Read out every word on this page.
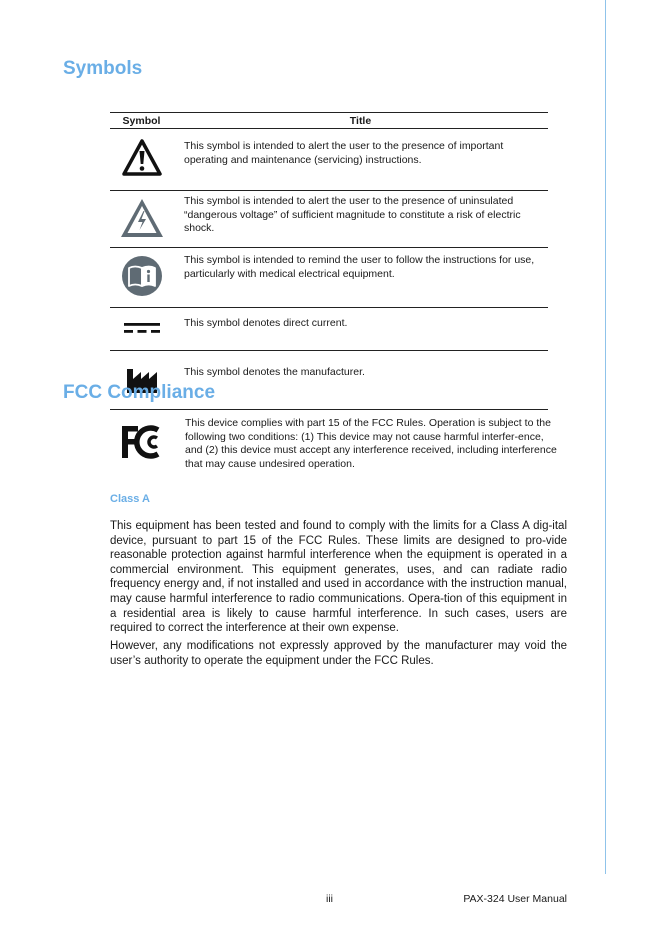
Symbols
Symbol	Title
	This symbol is intended to alert the user to the presence of important operating and maintenance (servicing) instructions.
	This symbol is intended to alert the user to the presence of uninsulated “dangerous voltage” of sufficient magnitude to constitute a risk of electric shock.
	This symbol is intended to remind the user to follow the instructions for use, particularly with medical electrical equipment.
	This symbol denotes direct current.
	This symbol denotes the manufacturer.
FCC Compliance

This device complies with part 15 of the FCC Rules. Operation is subject to the following two conditions: (1) This device may not cause harmful interfer-ence, and (2) this device must accept any interference received, including interference that may cause undesired operation.

Class A

This equipment has been tested and found to comply with the limits for a Class A dig-ital device, pursuant to part 15 of the FCC Rules. These limits are designed to pro-vide reasonable protection against harmful interference when the equipment is operated in a commercial environment. This equipment generates, uses, and can radiate radio frequency energy and, if not installed and used in accordance with the instruction manual, may cause harmful interference to radio communications. Opera-tion of this equipment in a residential area is likely to cause harmful interference. In such cases, users are required to correct the interference at their own expense.

However, any modifications not expressly approved by the manufacturer may void the user’s authority to operate the equipment under the FCC Rules.

iii	PAX-324 User Manual
